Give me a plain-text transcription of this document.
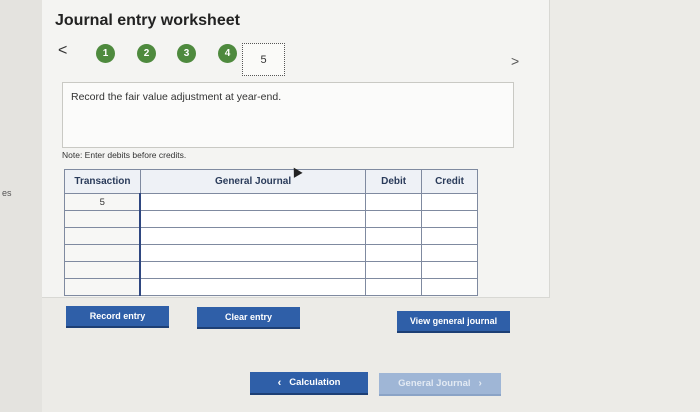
es
Journal entry worksheet
<	1	2	3	4	5	>
Record the fair value adjustment at year-end.
Note: Enter debits before credits.
Transaction	General Journal	Debit	Credit
5			

Record entry	Clear entry	View general journal
‹ Calculation	General Journal ›
